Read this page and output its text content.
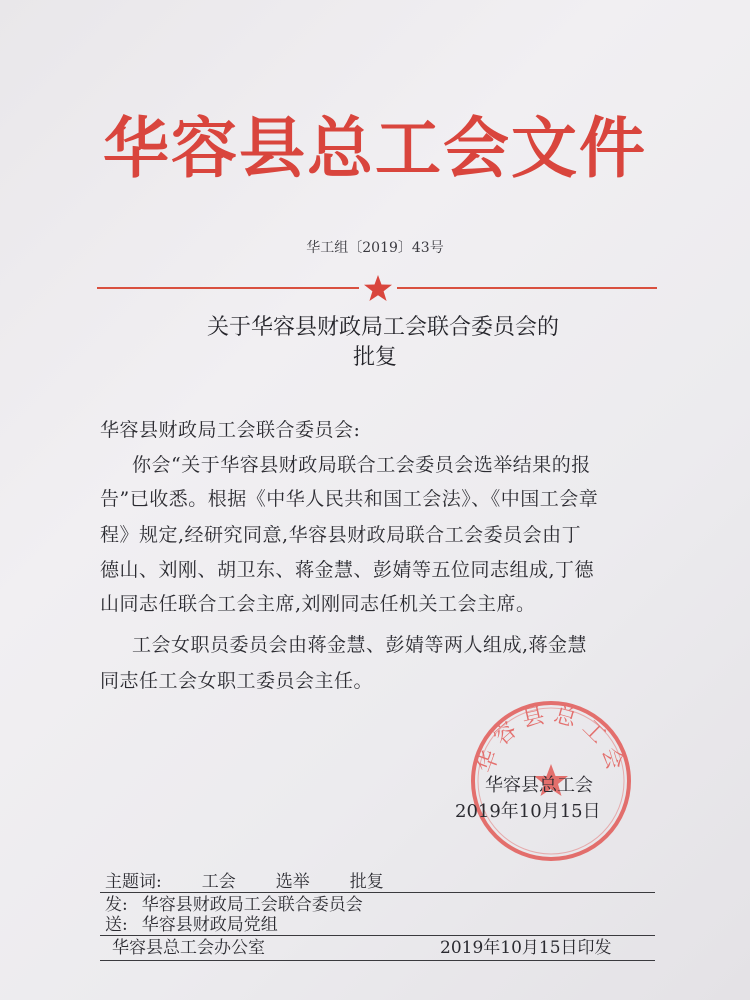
华容县总工会文件
华工组〔2019〕43号
关于华容县财政局工会联合委员会的
批复
华容县财政局工会联合委员会:
你会“关于华容县财政局联合工会委员会选举结果的报
告”已收悉。根据《中华人民共和国工会法》、《中国工会章
程》规定,经研究同意,华容县财政局联合工会委员会由丁
德山、刘刚、胡卫东、蒋金慧、彭婧等五位同志组成,丁德
山同志任联合工会主席,刘刚同志任机关工会主席。
工会女职员委员会由蒋金慧、彭婧等两人组成,蒋金慧
同志任工会女职工委员会主任。
华容县总工会
华容县总工会
2019年10月15日
主题词: 工会 选举 批复
发: 华容县财政局工会联合委员会
送: 华容县财政局党组
华容县总工会办公室	2019年10月15日印发
